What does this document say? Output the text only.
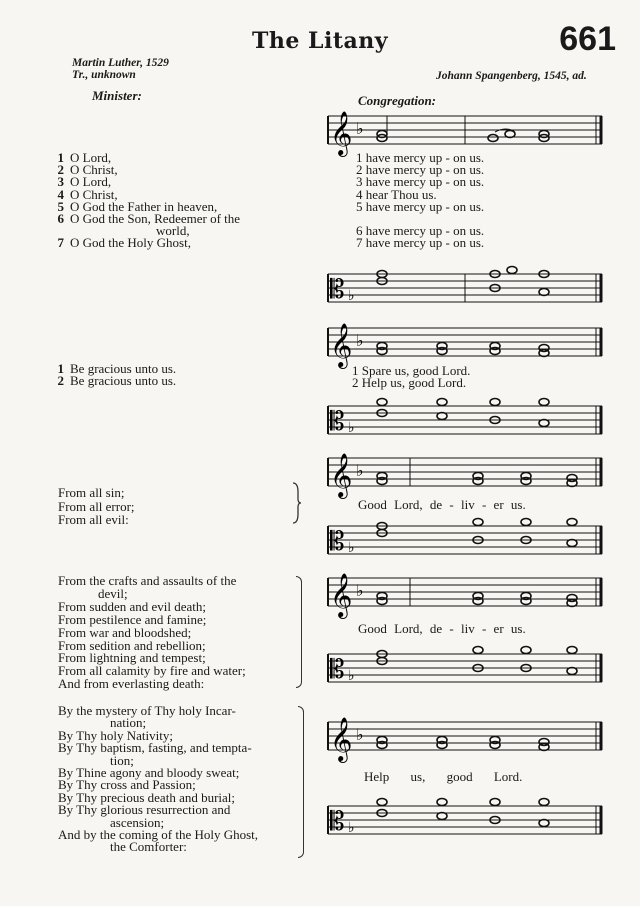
The Litany	661
Martin Luther, 1529
Tr., unknown	Johann Spangenberg, 1545, ad.
Minister:	Congregation:
1 O Lord,
2 O Christ,
3 O Lord,
4 O Christ,
5 O God the Father in heaven,
6 O God the Son, Redeemer of the
world,
7 O God the Holy Ghost,
𝄞 ♭
1 have mercy up - on us.
2 have mercy up - on us.
3 have mercy up - on us.
4 hear Thou us.
5 have mercy up - on us.
6 have mercy up - on us.
7 have mercy up - on us.
𝄡 ♭
1 Be gracious unto us.
2 Be gracious unto us.
𝄞 ♭
1 Spare us, good Lord.
2 Help us, good Lord.
𝄡 ♭
From all sin;
From all error;
From all evil:
𝄞 ♭
Good Lord, de - liv - er us.
𝄡 ♭
From the crafts and assaults of the
devil;
From sudden and evil death;
From pestilence and famine;
From war and bloodshed;
From sedition and rebellion;
From lightning and tempest;
From all calamity by fire and water;
And from everlasting death:
𝄞 ♭
Good Lord, de - liv - er us.
𝄡 ♭
By the mystery of Thy holy Incar-
nation;
By Thy holy Nativity;
By Thy baptism, fasting, and tempta-
tion;
By Thine agony and bloody sweat;
By Thy cross and Passion;
By Thy precious death and burial;
By Thy glorious resurrection and
ascension;
And by the coming of the Holy Ghost,
the Comforter:
𝄞 ♭
Help us, good Lord.
𝄡 ♭
